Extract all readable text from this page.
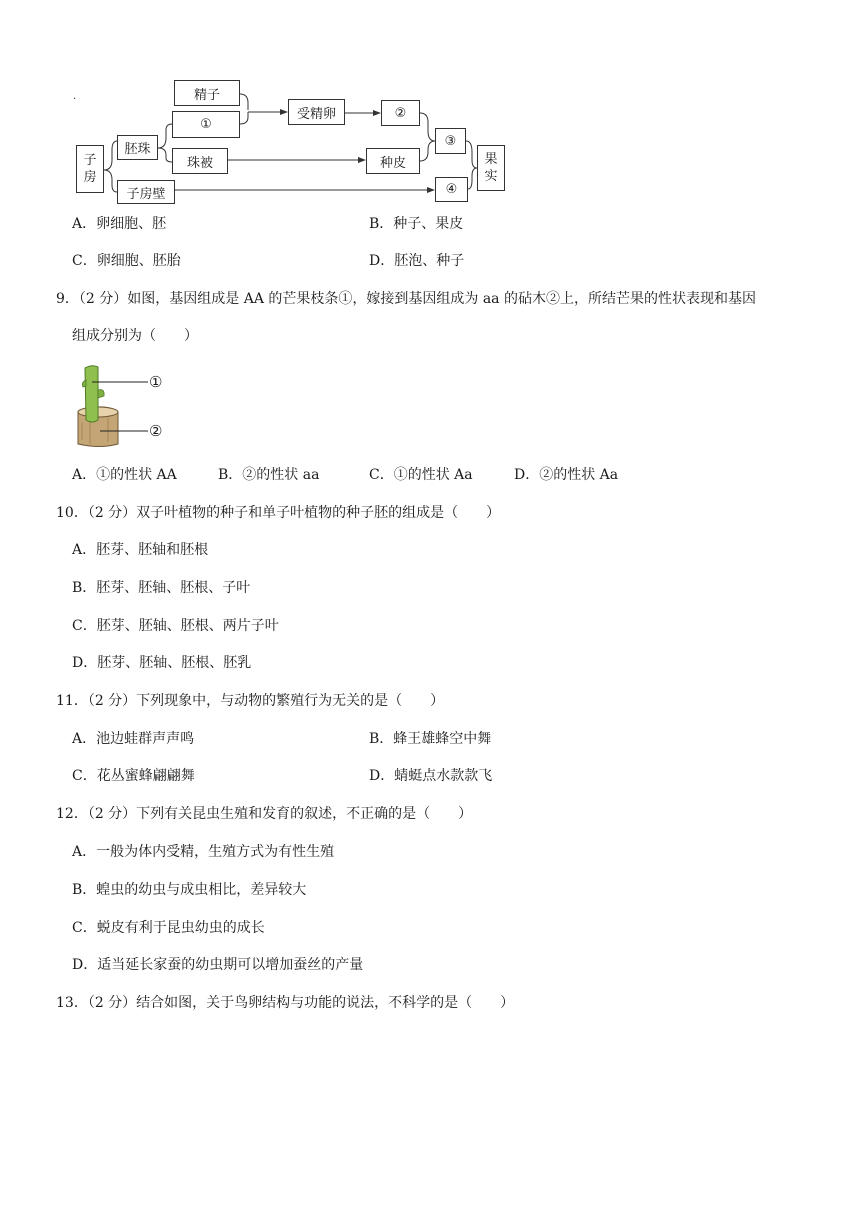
.	精子
受精卵	②
①
胚珠
珠被	种皮
③
子
房
子房壁	④
果
实
A．卵细胞、胚	B．种子、果皮
C．卵细胞、胚胎	D．胚泡、种子
9．（2 分）如图，基因组成是 AA 的芒果枝条①，嫁接到基因组成为 aa 的砧木②上，所结芒果的性状表现和基因
组成分别为（　　）
①
②
A．①的性状 AA	B．②的性状 aa	C．①的性状 Aa	D．②的性状 Aa
10．（2 分）双子叶植物的种子和单子叶植物的种子胚的组成是（　　）
A．胚芽、胚轴和胚根
B．胚芽、胚轴、胚根、子叶
C．胚芽、胚轴、胚根、两片子叶
D．胚芽、胚轴、胚根、胚乳
11．（2 分）下列现象中，与动物的繁殖行为无关的是（　　）
A．池边蛙群声声鸣	B．蜂王雄蜂空中舞
C．花丛蜜蜂翩翩舞	D．蜻蜓点水款款飞
12．（2 分）下列有关昆虫生殖和发育的叙述，不正确的是（　　）
A．一般为体内受精，生殖方式为有性生殖
B．蝗虫的幼虫与成虫相比，差异较大
C．蜕皮有利于昆虫幼虫的成长
D．适当延长家蚕的幼虫期可以增加蚕丝的产量
13．（2 分）结合如图，关于鸟卵结构与功能的说法，不科学的是（　　）
